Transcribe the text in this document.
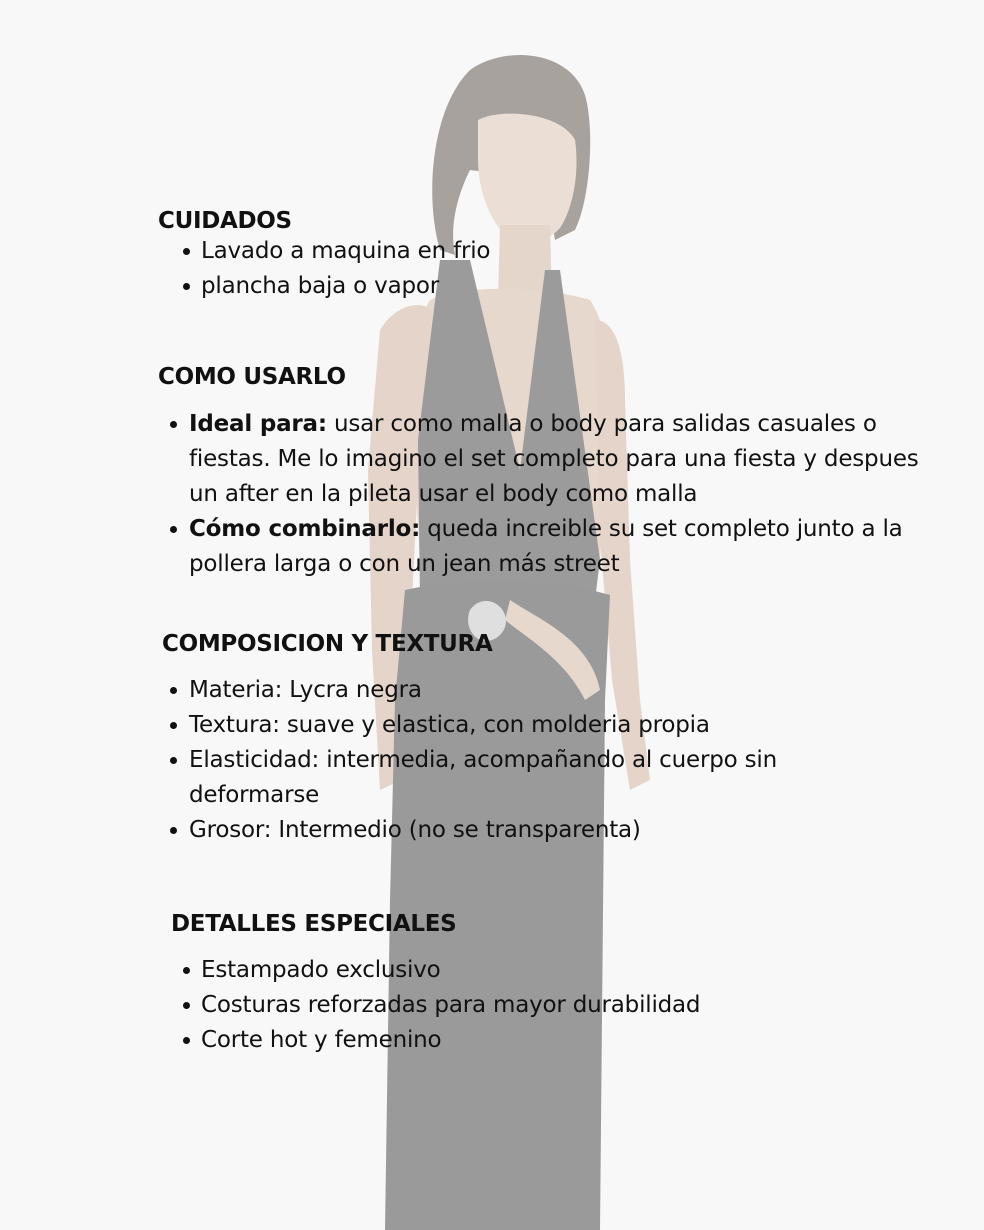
CUIDADOS
Lavado a maquina en frio
plancha baja o vapor
COMO USARLO
Ideal para: usar como malla o body para salidas casuales o fiestas. Me lo imagino el set completo para una fiesta y despues un after en la pileta usar el body como malla
Cómo combinarlo: queda increible su set completo junto a la pollera larga o con un jean más street
COMPOSICION Y TEXTURA
Materia: Lycra negra
Textura: suave y elastica, con molderia propia
Elasticidad: intermedia, acompañando al cuerpo sin deformarse
Grosor: Intermedio (no se transparenta)
DETALLES ESPECIALES
Estampado exclusivo
Costuras reforzadas para mayor durabilidad
Corte hot y femenino
